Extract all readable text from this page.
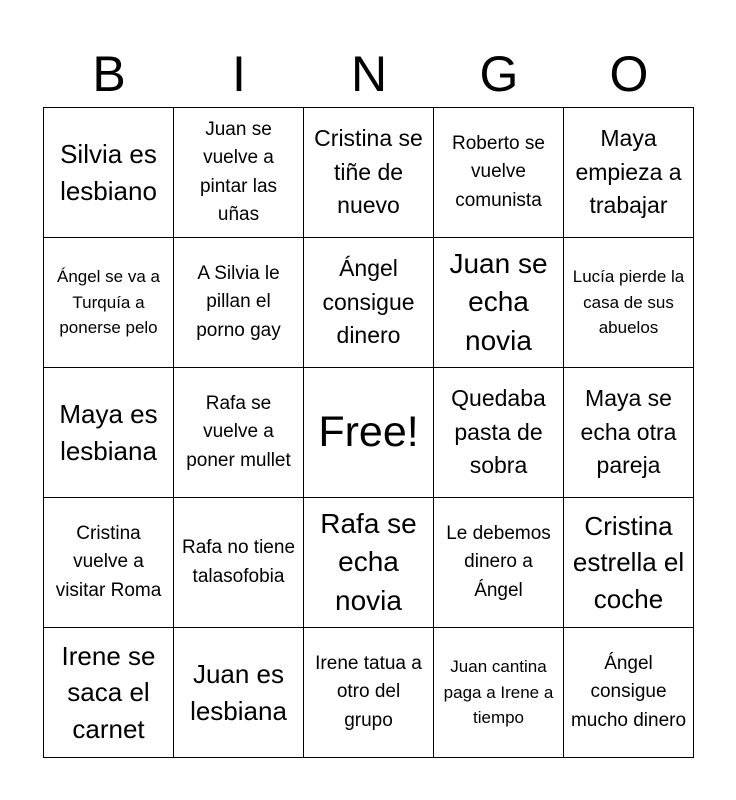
B	I	N	G	O
Silvia es lesbiano
Juan se vuelve a pintar las uñas
Cristina se tiñe de nuevo
Roberto se vuelve comunista
Maya empieza a trabajar
Ángel se va a Turquía a ponerse pelo
A Silvia le pillan el porno gay
Ángel consigue dinero
Juan se echa novia
Lucía pierde la casa de sus abuelos
Maya es lesbiana
Rafa se vuelve a poner mullet
Free!
Quedaba pasta de sobra
Maya se echa otra pareja
Cristina vuelve a visitar Roma
Rafa no tiene talasofobia
Rafa se echa novia
Le debemos dinero a Ángel
Cristina estrella el coche
Irene se saca el carnet
Juan es lesbiana
Irene tatua a otro del grupo
Juan cantina paga a Irene a tiempo
Ángel consigue mucho dinero
